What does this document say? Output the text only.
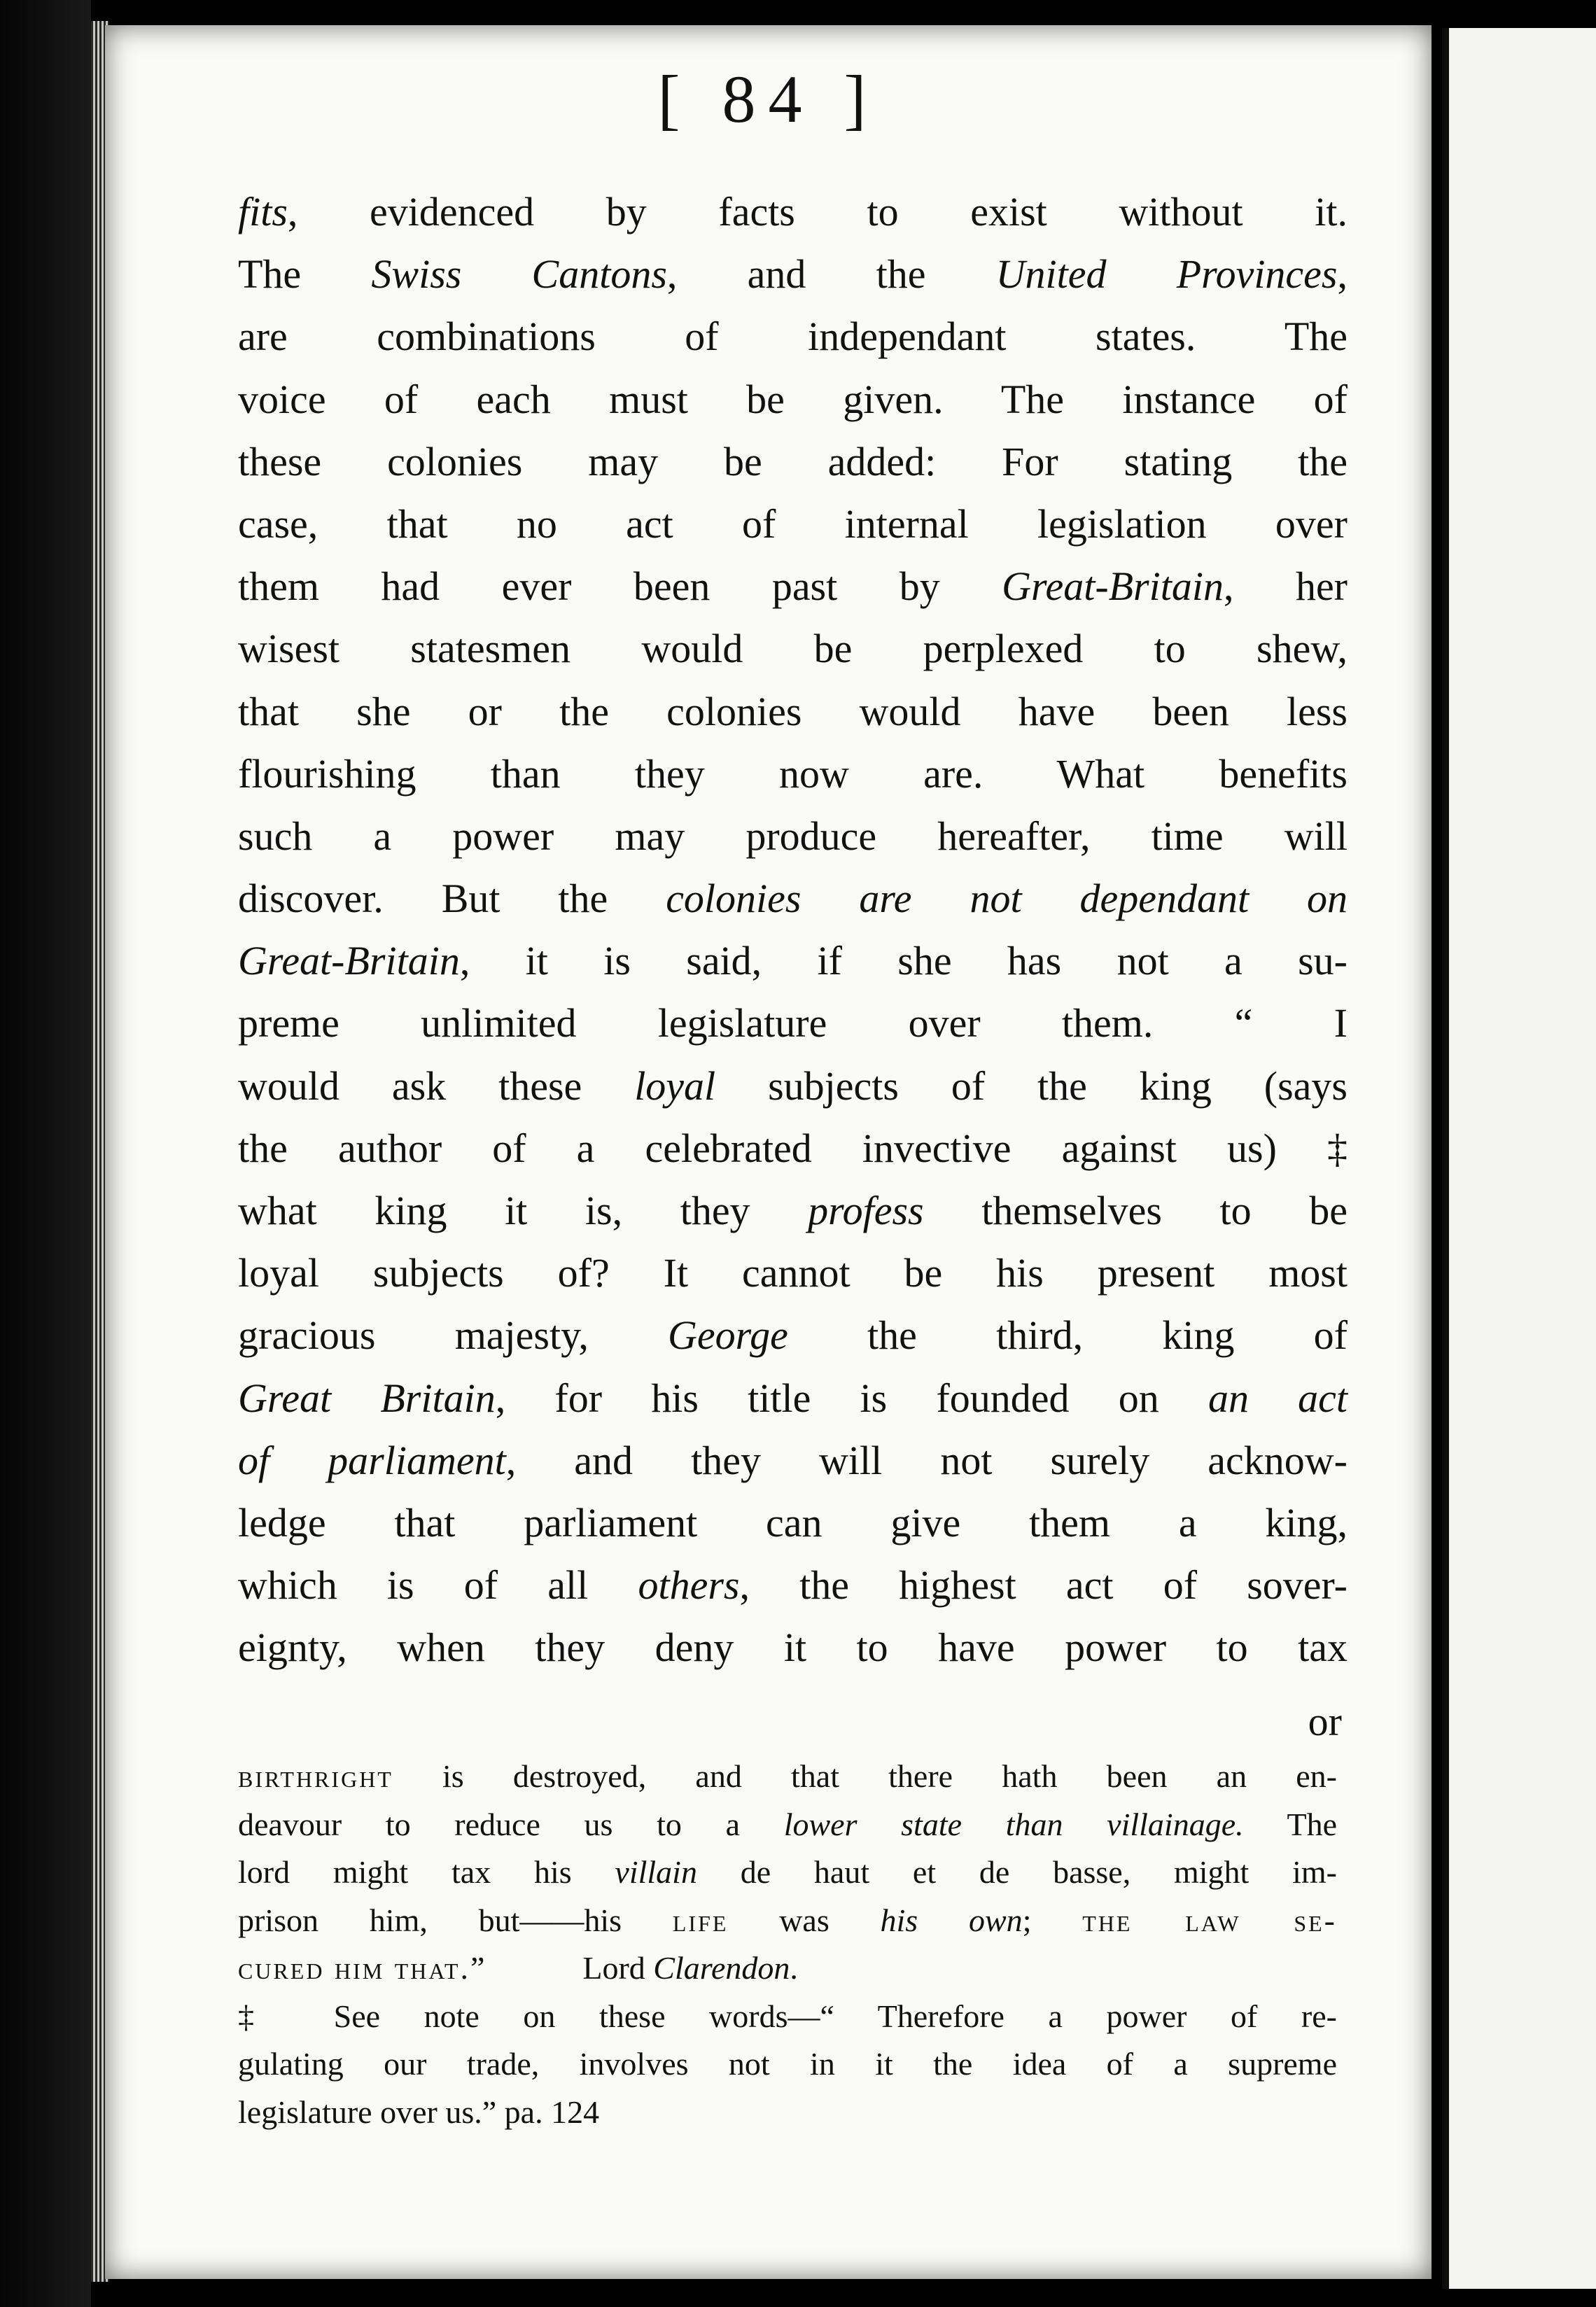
[ 84 ]
fits, evidenced by facts to exist without it.
The Swiss Cantons, and the United Provinces,
are combinations of independant states. The
voice of each must be given. The instance of
these colonies may be added: For stating the
case, that no act of internal legislation over
them had ever been past by Great-Britain, her
wisest statesmen would be perplexed to shew,
that she or the colonies would have been less
flourishing than they now are. What benefits
such a power may produce hereafter, time will
discover. But the colonies are not dependant on
Great-Britain, it is said, if she has not a su-
preme unlimited legislature over them. “ I
would ask these loyal subjects of the king (says
the author of a celebrated invective against us) ‡
what king it is, they profess themselves to be
loyal subjects of? It cannot be his present most
gracious majesty, George the third, king of
Great Britain, for his title is founded on an act
of parliament, and they will not surely acknow-
ledge that parliament can give them a king,
which is of all others, the highest act of sover-
eignty, when they deny it to have power to tax
or
birthright is destroyed, and that there hath been an en-
deavour to reduce us to a lower state than villainage. The
lord might tax his villain de haut et de basse, might im-
prison him, but——his life was his own; the law se-
cured him that.”	Lord Clarendon.
‡ See note on these words—“ Therefore a power of re-
gulating our trade, involves not in it the idea of a supreme
legislature over us.” pa. 124
